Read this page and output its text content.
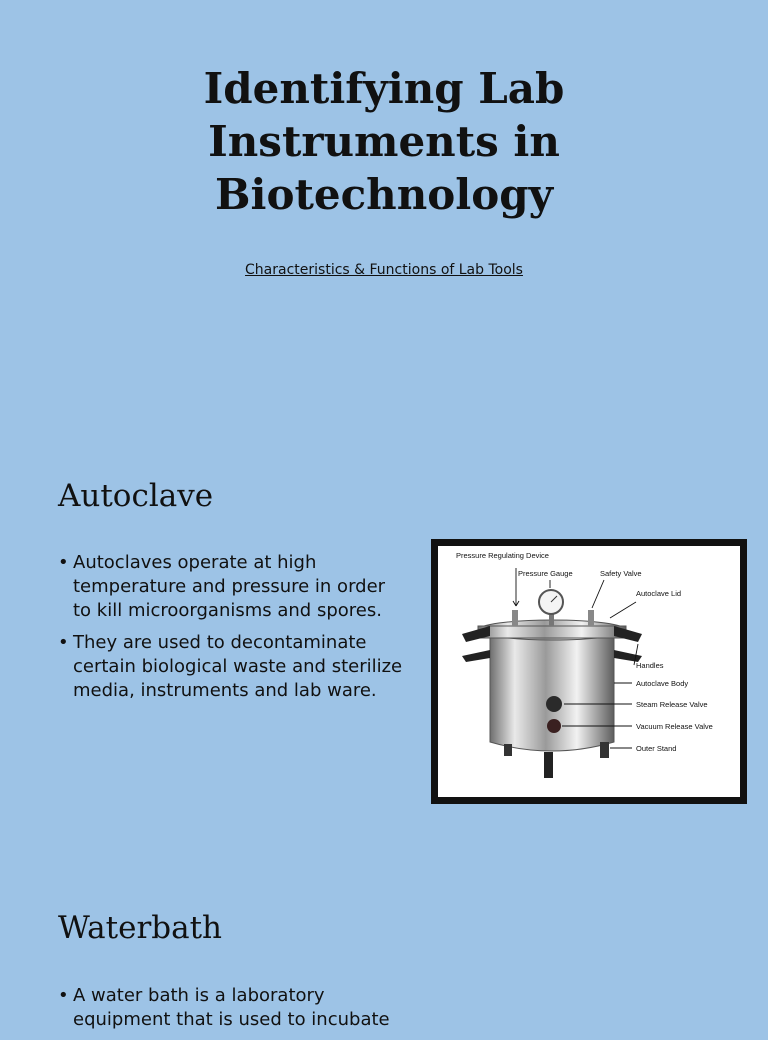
Identifying Lab
Instruments in
Biotechnology
Characteristics & Functions of Lab Tools
Autoclave
• Autoclaves operate at high temperature and pressure in order to kill microorganisms and spores.
• They are used to decontaminate certain biological waste and sterilize media, instruments and lab ware.
Pressure Regulating Device
Pressure Gauge	Safety Valve
Autoclave Lid
Handles
Autoclave Body
Steam Release Valve
Vacuum Release Valve
Outer Stand
Waterbath
• A water bath is a laboratory equipment that is used to incubate
